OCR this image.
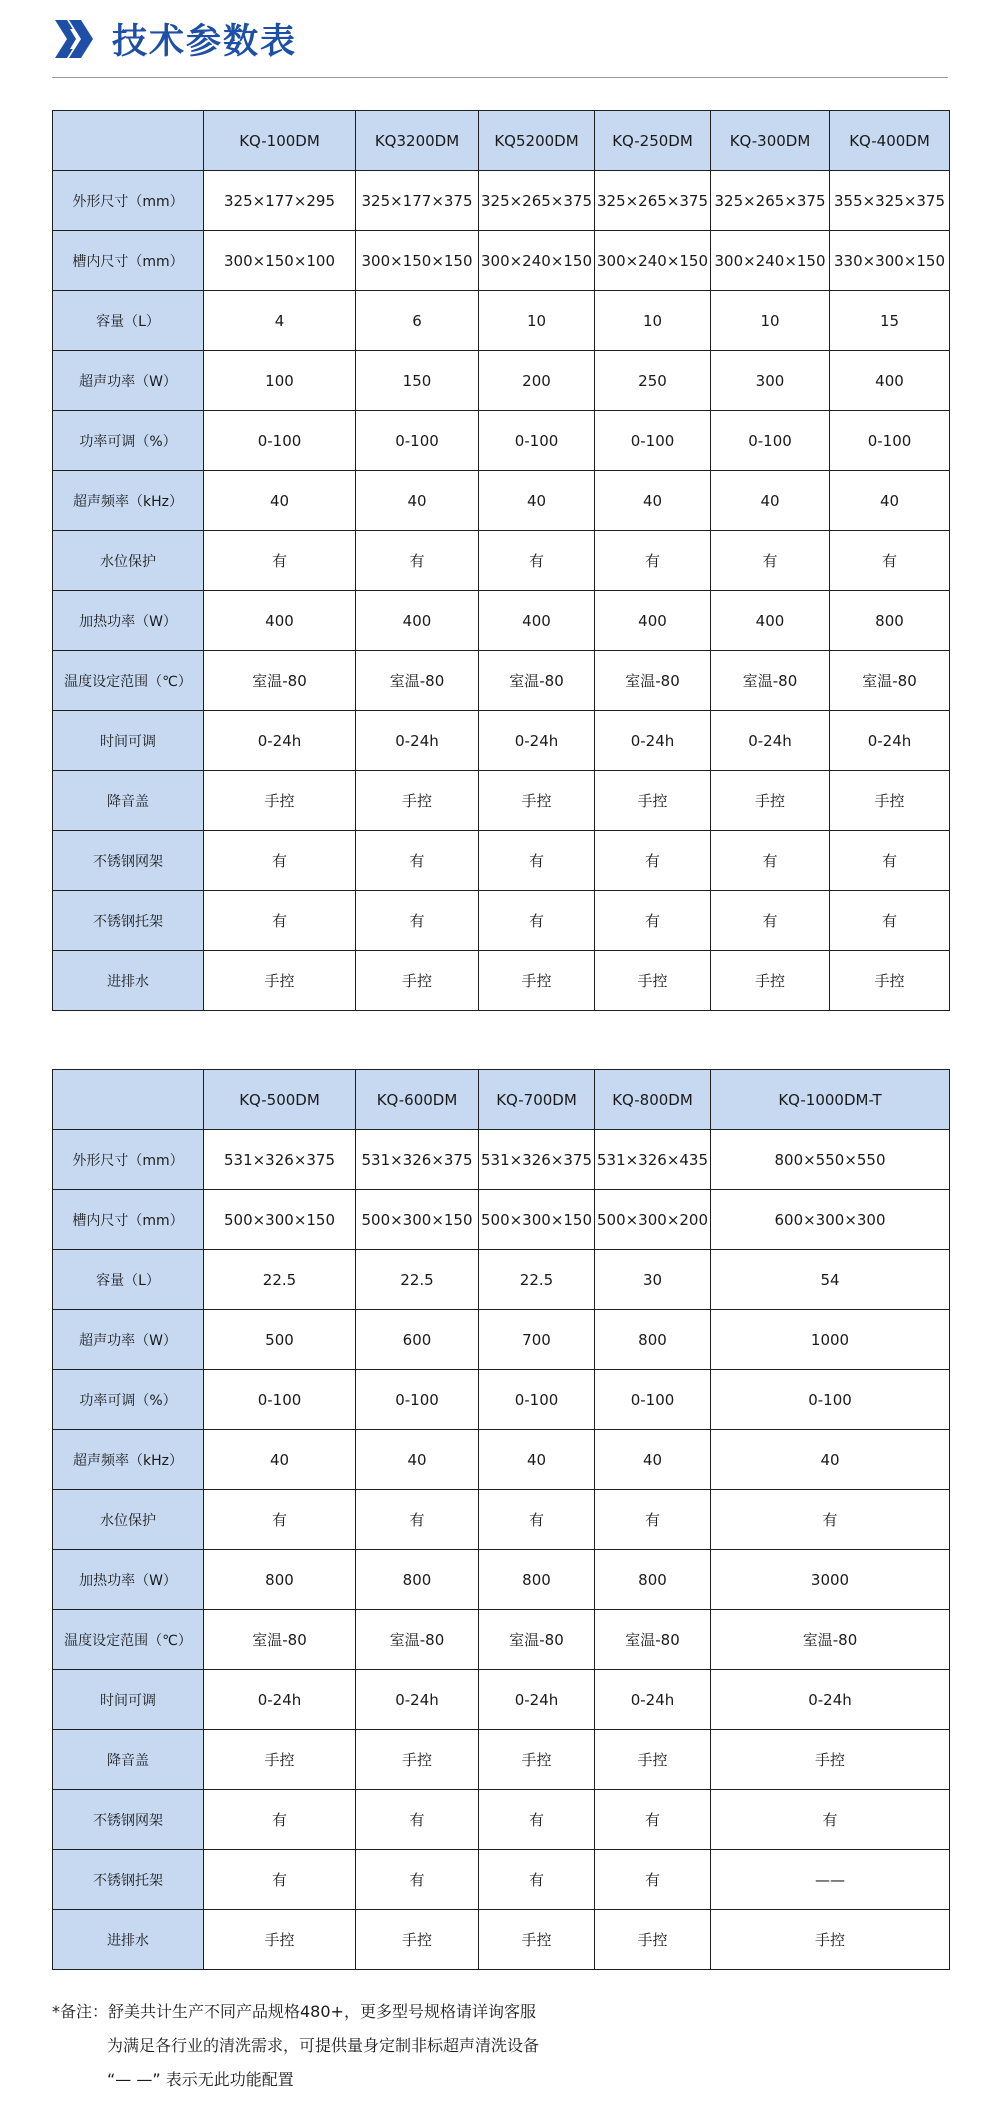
技术参数表
	KQ-100DM	KQ3200DM	KQ5200DM	KQ-250DM	KQ-300DM	KQ-400DM
外形尺寸（mm）	325×177×295	325×177×375	325×265×375	325×265×375	325×265×375	355×325×375
槽内尺寸（mm）	300×150×100	300×150×150	300×240×150	300×240×150	300×240×150	330×300×150
容量（L）	4	6	10	10	10	15
超声功率（W）	100	150	200	250	300	400
功率可调（%）	0-100	0-100	0-100	0-100	0-100	0-100
超声频率（kHz）	40	40	40	40	40	40
水位保护	有	有	有	有	有	有
加热功率（W）	400	400	400	400	400	800
温度设定范围（℃）	室温-80	室温-80	室温-80	室温-80	室温-80	室温-80
时间可调	0-24h	0-24h	0-24h	0-24h	0-24h	0-24h
降音盖	手控	手控	手控	手控	手控	手控
不锈钢网架	有	有	有	有	有	有
不锈钢托架	有	有	有	有	有	有
进排水	手控	手控	手控	手控	手控	手控
	KQ-500DM	KQ-600DM	KQ-700DM	KQ-800DM	KQ-1000DM-T
外形尺寸（mm）	531×326×375	531×326×375	531×326×375	531×326×435	800×550×550
槽内尺寸（mm）	500×300×150	500×300×150	500×300×150	500×300×200	600×300×300
容量（L）	22.5	22.5	22.5	30	54
超声功率（W）	500	600	700	800	1000
功率可调（%）	0-100	0-100	0-100	0-100	0-100
超声频率（kHz）	40	40	40	40	40
水位保护	有	有	有	有	有
加热功率（W）	800	800	800	800	3000
温度设定范围（℃）	室温-80	室温-80	室温-80	室温-80	室温-80
时间可调	0-24h	0-24h	0-24h	0-24h	0-24h
降音盖	手控	手控	手控	手控	手控
不锈钢网架	有	有	有	有	有
不锈钢托架	有	有	有	有	——
进排水	手控	手控	手控	手控	手控
*备注：舒美共计生产不同产品规格480+，更多型号规格请详询客服
为满足各行业的清洗需求，可提供量身定制非标超声清洗设备
“— —” 表示无此功能配置
